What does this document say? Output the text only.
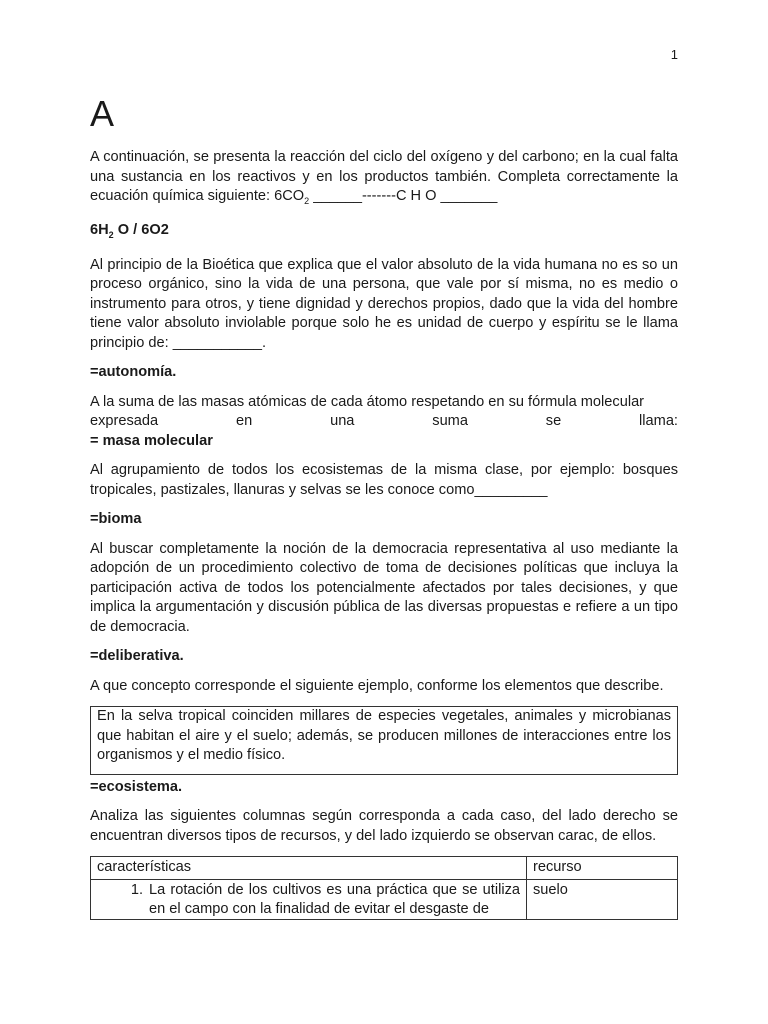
1
A

A continuación, se presenta la reacción del ciclo del oxígeno y del carbono; en la cual falta una sustancia en los reactivos y en los productos también. Completa correctamente la ecuación química siguiente: $6CO_2$ ______-------C H O _______

$6H_2$ O / 6O2

Al principio de la Bioética que explica que el valor absoluto de la vida humana no es so un proceso orgánico, sino la vida de una persona, que vale por sí misma, no es medio o instrumento para otros, y tiene dignidad y derechos propios, dado que la vida del hombre tiene valor absoluto inviolable porque solo he es unidad de cuerpo y espíritu se le llama principio de: ___________.

=autonomía.

A la suma de las masas atómicas de cada átomo respetando en su fórmula molecular

expresada en una suma se llama:

= masa molecular

Al agrupamiento de todos los ecosistemas de la misma clase, por ejemplo: bosques tropicales, pastizales, llanuras y selvas se les conoce como_________

=bioma

Al buscar completamente la noción de la democracia representativa al uso mediante la adopción de un procedimiento colectivo de toma de decisiones políticas que incluya la participación activa de todos los potencialmente afectados por tales decisiones, y que implica la argumentación y discusión pública de las diversas propuestas e refiere a un tipo de democracia.

=deliberativa.

A que concepto corresponde el siguiente ejemplo, conforme los elementos que describe.

En la selva tropical coinciden millares de especies vegetales, animales y microbianas que habitan el aire y el suelo; además, se producen millones de interacciones entre los organismos y el medio físico.

=ecosistema.

Analiza las siguientes columnas según corresponda a cada caso, del lado derecho se encuentran diversos tipos de recursos, y del lado izquierdo se observan carac, de ellos.

características	recurso

1. La rotación de los cultivos es una práctica que se utiliza en el campo con la finalidad de evitar el desgaste de	suelo
